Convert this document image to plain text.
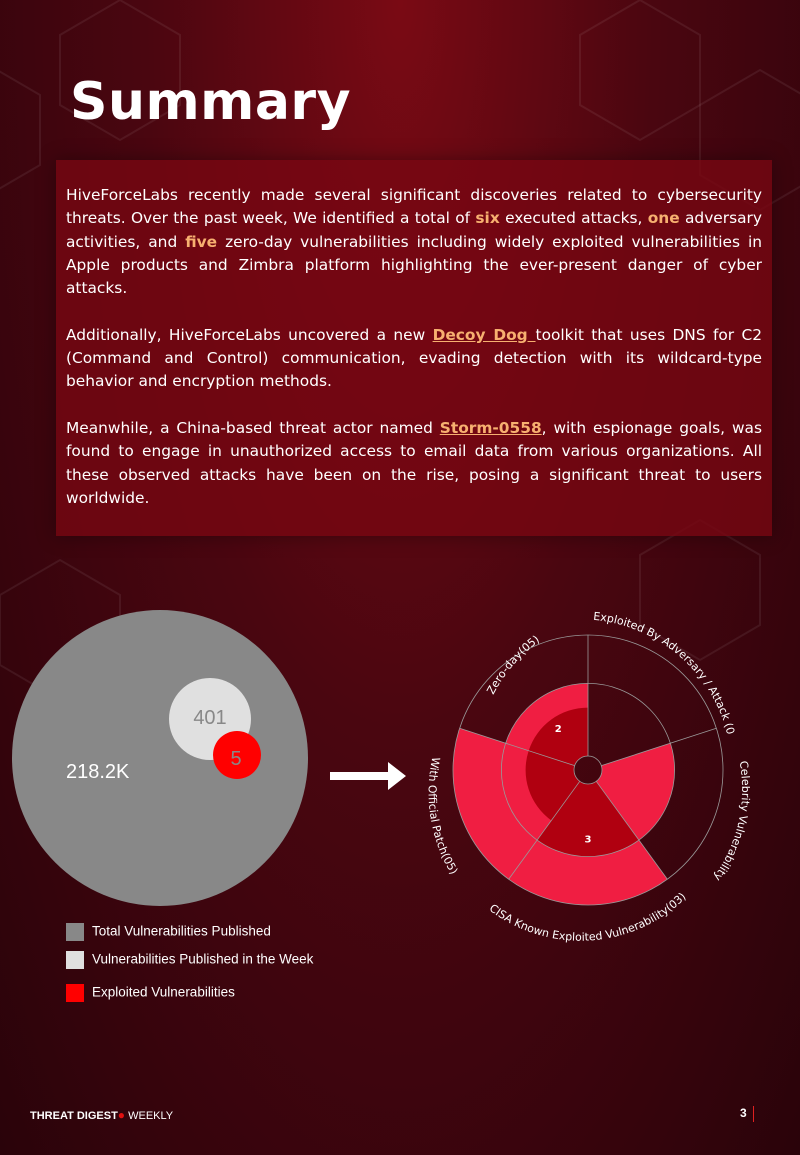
Summary

HiveForceLabs recently made several significant discoveries related to cybersecurity threats. Over the past week, We identified a total of six executed attacks, one adversary activities, and five zero-day vulnerabilities including widely exploited vulnerabilities in Apple products and Zimbra platform highlighting the ever-present danger of cyber attacks.

Additionally, HiveForceLabs uncovered a new Decoy Dog toolkit that uses DNS for C2 (Command and Control) communication, evading detection with its wildcard-type behavior and encryption methods.

Meanwhile, a China-based threat actor named Storm-0558, with espionage goals, was found to engage in unauthorized access to email data from various organizations. All these observed attacks have been on the rise, posing a significant threat to users worldwide.

218.2K
401
5
2
3
Zero-day(05)
Exploited By Adversary / Attack (0
Celebrity Vulnerability
CISA Known Exploited Vulnerability(03)
With Official Patch(05)
Total Vulnerabilities Published
Vulnerabilities Published in the Week
Exploited Vulnerabilities
THREAT DIGEST● WEEKLY	3
